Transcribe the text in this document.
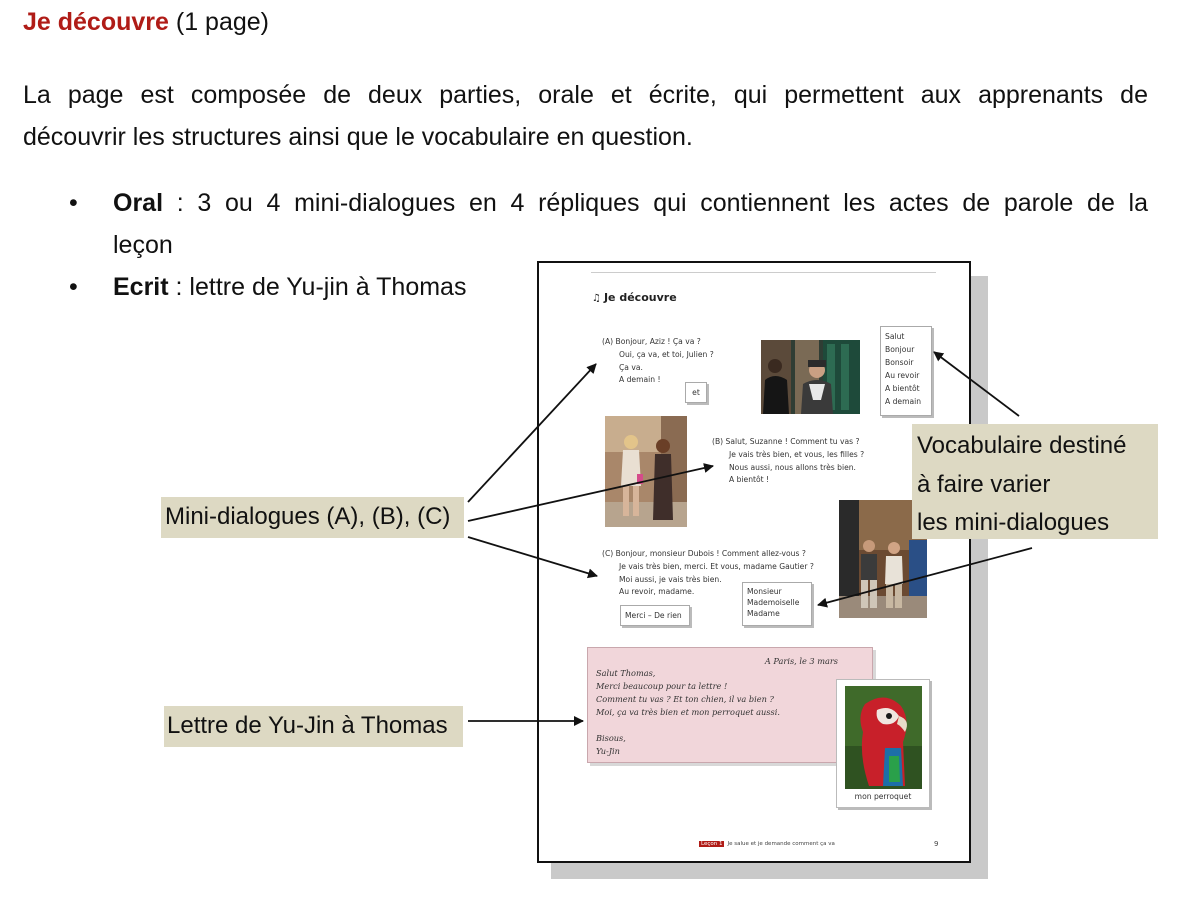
Je découvre (1 page)
La page est composée de deux parties, orale et écrite, qui permettent aux apprenants de
découvrir les structures ainsi que le vocabulaire en question.
• Oral : 3 ou 4 mini-dialogues en 4 répliques qui contiennent les actes de parole de la
leçon
• Ecrit : lettre de Yu-jin à Thomas	♫ Je découvre
(A) Bonjour, Aziz ! Ça va ?
Oui, ça va, et toi, Julien ?
Ça va.
A demain !
et
Salut
Bonjour
Bonsoir
Au revoir
A bientôt
A demain
(B) Salut, Suzanne ! Comment tu vas ?
Je vais très bien, et vous, les filles ?
Nous aussi, nous allons très bien.
A bientôt !
(C) Bonjour, monsieur Dubois ! Comment allez-vous ?
Je vais très bien, merci. Et vous, madame Gautier ?
Moi aussi, je vais très bien.
Au revoir, madame.
Merci – De rien
Monsieur
Mademoiselle
Madame
A Paris, le 3 mars
Salut Thomas,
Merci beaucoup pour ta lettre !
Comment tu vas ? Et ton chien, il va bien ?
Moi, ça va très bien et mon perroquet aussi.
Bisous,
Yu-Jin
mon perroquet
Leçon 1 Je salue et je demande comment ça va	9
Mini-dialogues (A), (B), (C)
Lettre de Yu-Jin à Thomas
Vocabulaire destiné
à faire varier
les mini-dialogues
